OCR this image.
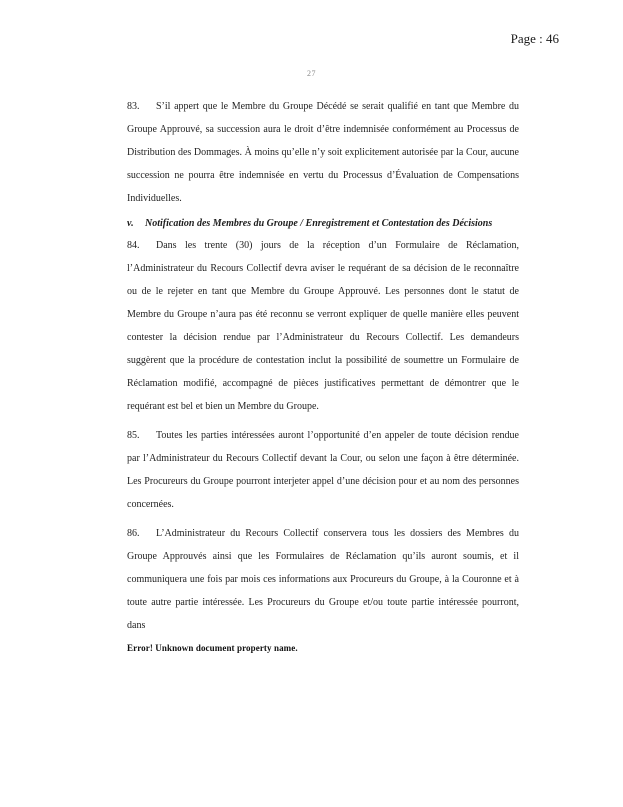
Page : 46
27

83. S’il appert que le Membre du Groupe Décédé se serait qualifié en tant que Membre du Groupe Approuvé, sa succession aura le droit d’être indemnisée conformément au Processus de Distribution des Dommages. À moins qu’elle n’y soit explicitement autorisée par la Cour, aucune succession ne pourra être indemnisée en vertu du Processus d’Évaluation de Compensations Individuelles.

v. Notification des Membres du Groupe / Enregistrement et Contestation des Décisions

84. Dans les trente (30) jours de la réception d’un Formulaire de Réclamation, l’Administrateur du Recours Collectif devra aviser le requérant de sa décision de le reconnaître ou de le rejeter en tant que Membre du Groupe Approuvé. Les personnes dont le statut de Membre du Groupe n’aura pas été reconnu se verront expliquer de quelle manière elles peuvent contester la décision rendue par l’Administrateur du Recours Collectif. Les demandeurs suggèrent que la procédure de contestation inclut la possibilité de soumettre un Formulaire de Réclamation modifié, accompagné de pièces justificatives permettant de démontrer que le requérant est bel et bien un Membre du Groupe.

85. Toutes les parties intéressées auront l’opportunité d’en appeler de toute décision rendue par l’Administrateur du Recours Collectif devant la Cour, ou selon une façon à être déterminée. Les Procureurs du Groupe pourront interjeter appel d’une décision pour et au nom des personnes concernées.

86. L’Administrateur du Recours Collectif conservera tous les dossiers des Membres du Groupe Approuvés ainsi que les Formulaires de Réclamation qu’ils auront soumis, et il communiquera une fois par mois ces informations aux Procureurs du Groupe, à la Couronne et à toute autre partie intéressée. Les Procureurs du Groupe et/ou toute partie intéressée pourront, dans

Error! Unknown document property name.
